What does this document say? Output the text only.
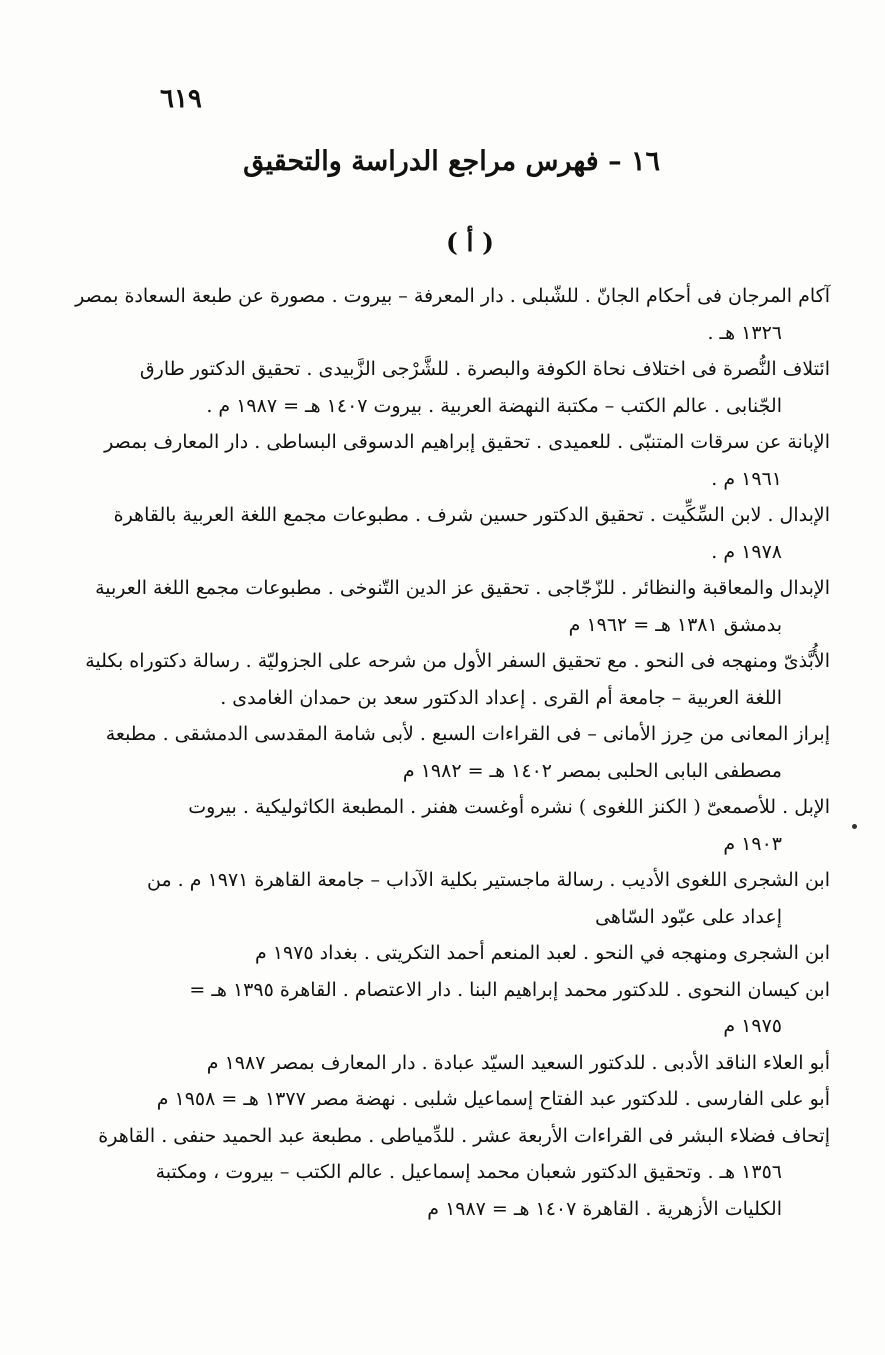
٦١٩
١٦ – فهرس مراجع الدراسة والتحقيق
( أ )
آكام المرجان فى أحكام الجانّ . للشّبلى . دار المعرفة – بيروت . مصورة عن طبعة السعادة بمصر
١٣٢٦ هـ .
ائتلاف النُّصرة فى اختلاف نحاة الكوفة والبصرة . للشَّرْجى الزَّبيدى . تحقيق الدكتور طارق
الجّنابى . عالم الكتب – مكتبة النهضة العربية . بيروت ١٤٠٧ هـ = ١٩٨٧ م .
الإبانة عن سرقات المتنبّى . للعميدى . تحقيق إبراهيم الدسوقى البساطى . دار المعارف بمصر
١٩٦١ م .
الإبدال . لابن السِّكِّيت . تحقيق الدكتور حسين شرف . مطبوعات مجمع اللغة العربية بالقاهرة
١٩٧٨ م .
الإبدال والمعاقبة والنظائر . للزّجّاجى . تحقيق عز الدين التّنوخى . مطبوعات مجمع اللغة العربية
بدمشق ١٣٨١ هـ = ١٩٦٢ م
الأُبَّذىّ ومنهجه فى النحو . مع تحقيق السفر الأول من شرحه على الجزوليّة . رسالة دكتوراه بكلية
اللغة العربية – جامعة أم القرى . إعداد الدكتور سعد بن حمدان الغامدى .
إبراز المعانى من حِرز الأمانى – فى القراءات السبع . لأبى شامة المقدسى الدمشقى . مطبعة
مصطفى البابى الحلبى بمصر ١٤٠٢ هـ = ١٩٨٢ م
الإبل . للأصمعىّ ( الكنز اللغوى ) نشره أوغست هفنر . المطبعة الكاثوليكية . بيروت
١٩٠٣ م
ابن الشجرى اللغوى الأديب . رسالة ماجستير بكلية الآداب – جامعة القاهرة ١٩٧١ م . من
إعداد على عبّود السّاهى
ابن الشجرى ومنهجه في النحو . لعبد المنعم أحمد التكريتى . بغداد ١٩٧٥ م
ابن كيسان النحوى . للدكتور محمد إبراهيم البنا . دار الاعتصام . القاهرة ١٣٩٥ هـ =
١٩٧٥ م
أبو العلاء الناقد الأدبى . للدكتور السعيد السيّد عبادة . دار المعارف بمصر ١٩٨٧ م
أبو على الفارسى . للدكتور عبد الفتاح إسماعيل شلبى . نهضة مصر ١٣٧٧ هـ = ١٩٥٨ م
إتحاف فضلاء البشر فى القراءات الأربعة عشر . للدِّمياطى . مطبعة عبد الحميد حنفى . القاهرة
١٣٥٦ هـ . وتحقيق الدكتور شعبان محمد إسماعيل . عالم الكتب – بيروت ، ومكتبة
الكليات الأزهرية . القاهرة ١٤٠٧ هـ = ١٩٨٧ م
